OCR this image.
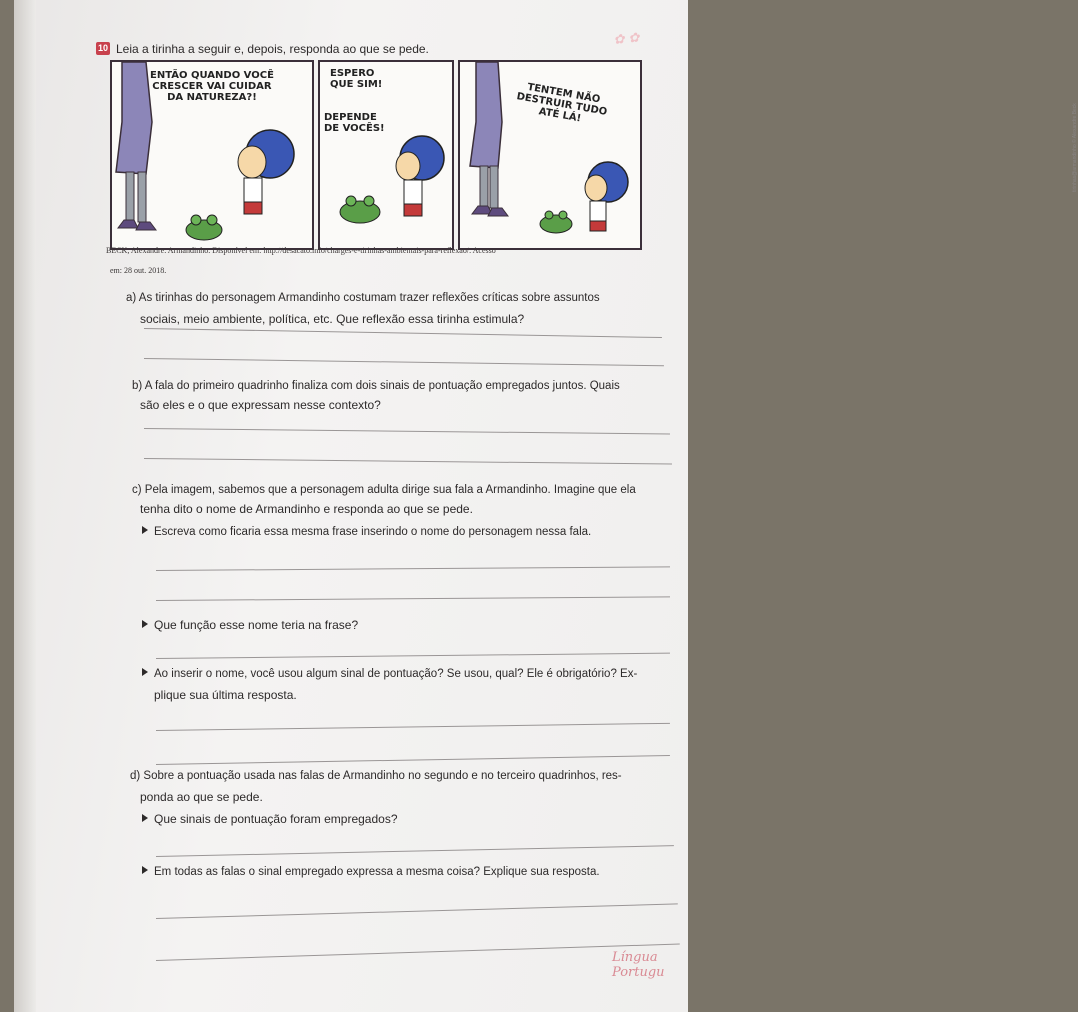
✿ ✿
10 Leia a tirinha a seguir e, depois, responda ao que se pede.
ENTÃO QUANDO VOCÊ
CRESCER VAI CUIDAR
DA NATUREZA?!
ESPERO
QUE SIM!
DEPENDE
DE VOCÊS!
TENTEM NÃO
DESTRUIR TUDO
ATÉ LÁ!	tirinhas@armandinho © Alexandre Beck
BECK, Alexandre. Armandinho. Disponível em: http://desacato.info/charges-e-tirinhas-ambientais-para-reflexao/. Acesso
em: 28 out. 2018.
a) As tirinhas do personagem Armandinho costumam trazer reflexões críticas sobre assuntos
sociais, meio ambiente, política, etc. Que reflexão essa tirinha estimula?
b) A fala do primeiro quadrinho finaliza com dois sinais de pontuação empregados juntos. Quais
são eles e o que expressam nesse contexto?
c) Pela imagem, sabemos que a personagem adulta dirige sua fala a Armandinho. Imagine que ela
tenha dito o nome de Armandinho e responda ao que se pede.
Escreva como ficaria essa mesma frase inserindo o nome do personagem nessa fala.
Que função esse nome teria na frase?
Ao inserir o nome, você usou algum sinal de pontuação? Se usou, qual? Ele é obrigatório? Ex-
plique sua última resposta.
d) Sobre a pontuação usada nas falas de Armandinho no segundo e no terceiro quadrinhos, res-
ponda ao que se pede.
Que sinais de pontuação foram empregados?
Em todas as falas o sinal empregado expressa a mesma coisa? Explique sua resposta.
Língua Portugu
